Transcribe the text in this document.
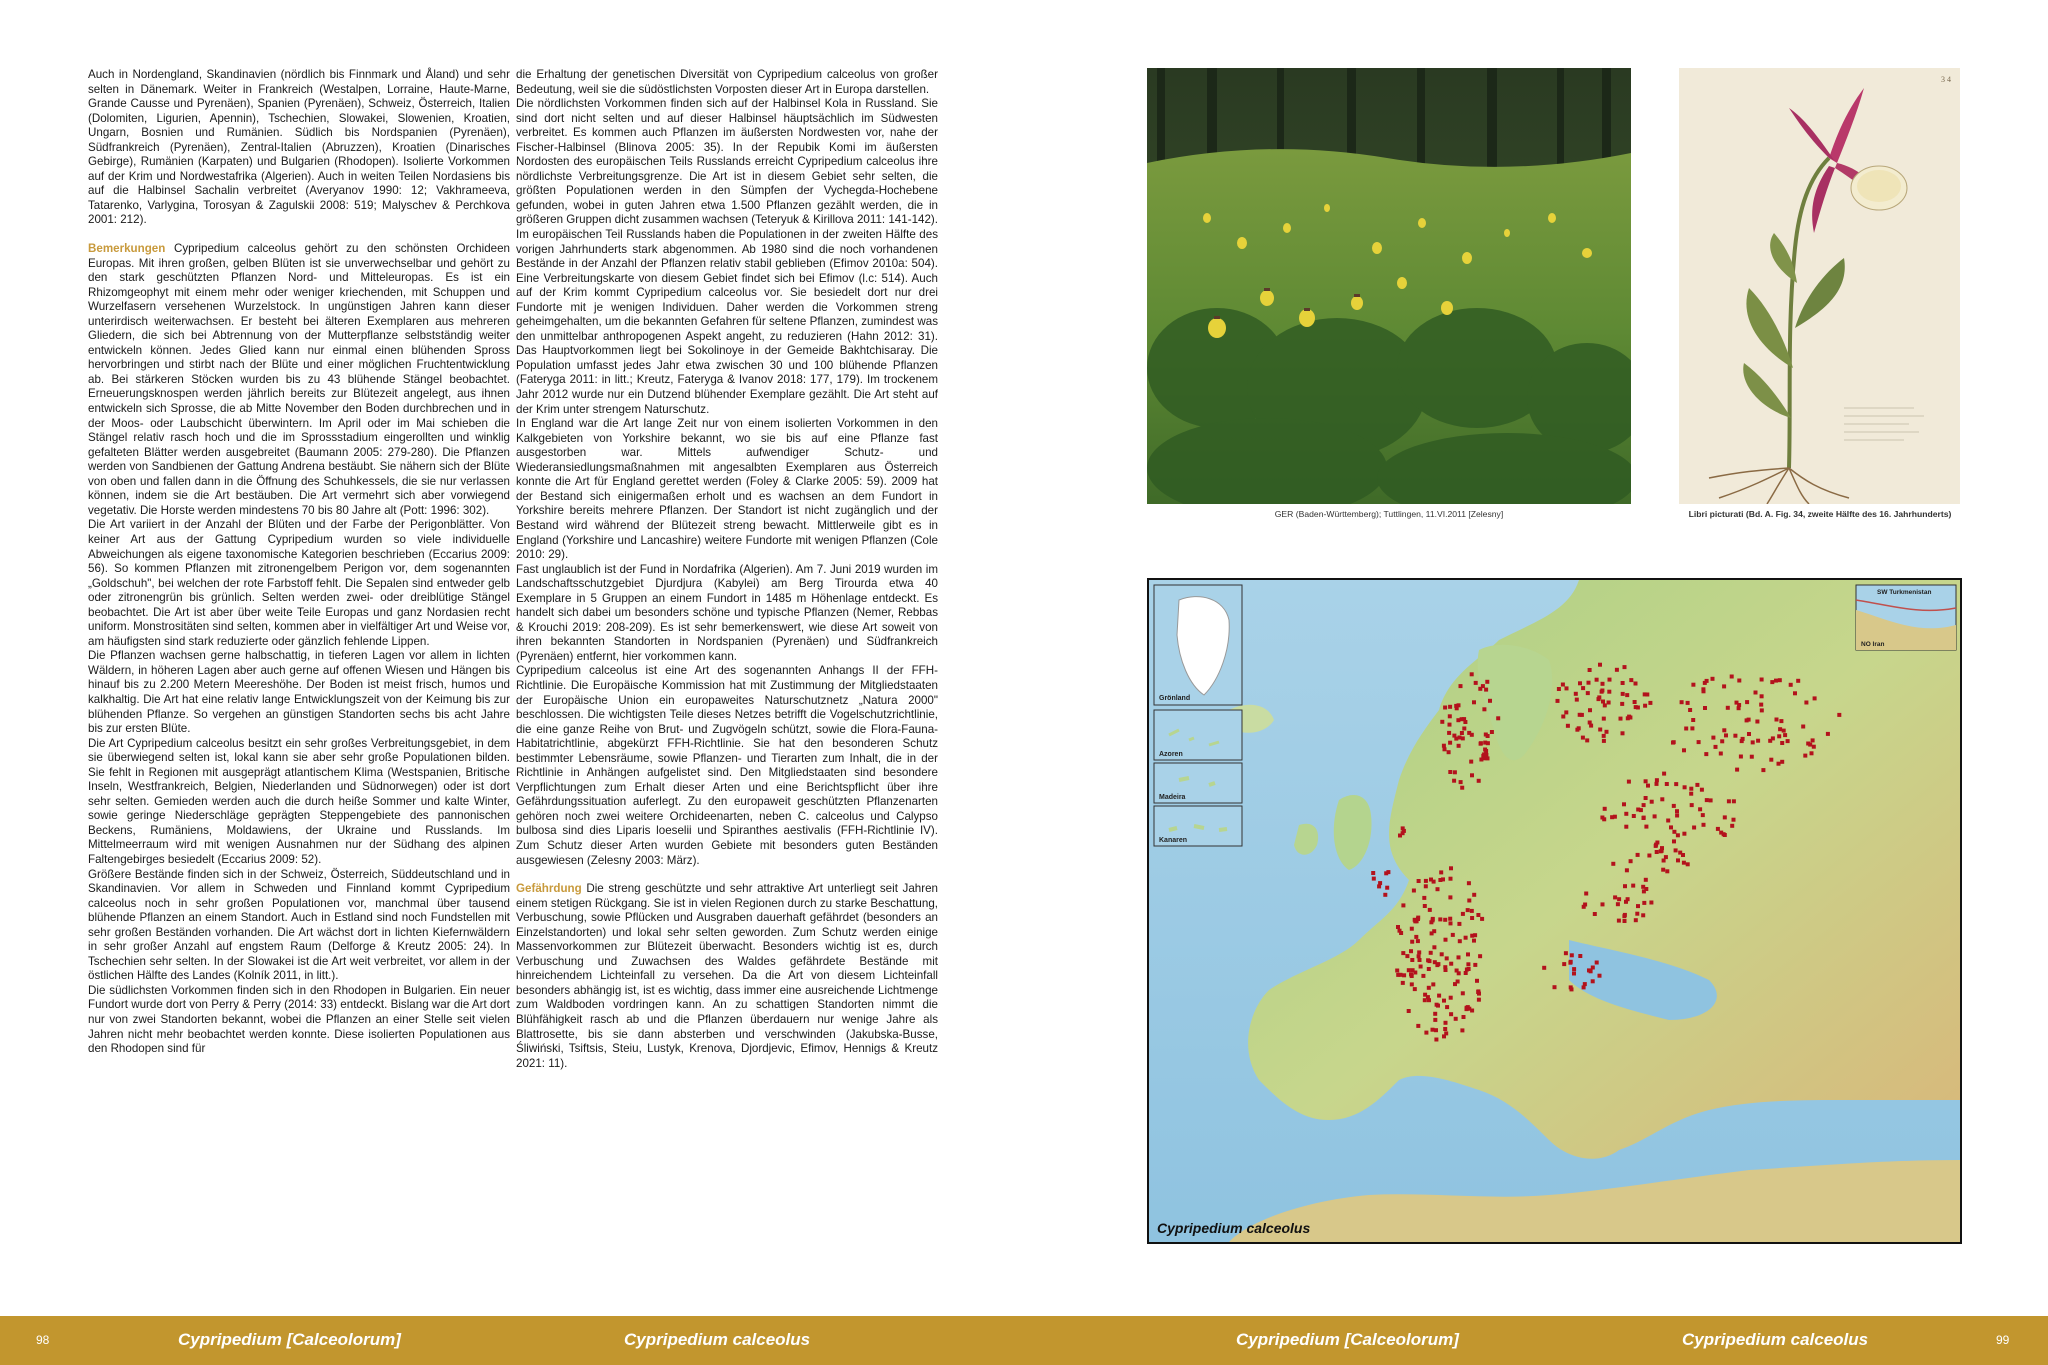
Auch in Nordengland, Skandinavien (nördlich bis Finnmark und Åland) und sehr selten in Dänemark. Weiter in Frankreich (Westalpen, Lorraine, Haute-Marne, Grande Causse und Pyrenäen), Spanien (Pyrenäen), Schweiz, Österreich, Italien (Dolomiten, Ligurien, Apennin), Tschechien, Slowakei, Slowenien, Kroatien, Ungarn, Bosnien und Rumänien. Südlich bis Nordspanien (Pyrenäen), Südfrankreich (Pyrenäen), Zentral-Italien (Abruzzen), Kroatien (Dinarisches Gebirge), Rumänien (Karpaten) und Bulgarien (Rhodopen). Isolierte Vorkommen auf der Krim und Nordwestafrika (Algerien). Auch in weiten Teilen Nordasiens bis auf die Halbinsel Sachalin verbreitet (Averyanov 1990: 12; Vakhrameeva, Tatarenko, Varlygina, Torosyan & Zagulskii 2008: 519; Malyschev & Perchkova 2001: 212).

Bemerkungen Cypripedium calceolus gehört zu den schönsten Orchideen Europas. Mit ihren großen, gelben Blüten ist sie unverwechselbar und gehört zu den stark geschützten Pflanzen Nord- und Mitteleuropas. Es ist ein Rhizomgeophyt mit einem mehr oder weniger kriechenden, mit Schuppen und Wurzelfasern versehenen Wurzelstock. In ungünstigen Jahren kann dieser unterirdisch weiterwachsen. Er besteht bei älteren Exemplaren aus mehreren Gliedern, die sich bei Abtrennung von der Mutterpflanze selbstständig weiter entwickeln können. Jedes Glied kann nur einmal einen blühenden Spross hervorbringen und stirbt nach der Blüte und einer möglichen Fruchtentwicklung ab. Bei stärkeren Stöcken wurden bis zu 43 blühende Stängel beobachtet. Erneuerungsknospen werden jährlich bereits zur Blütezeit angelegt, aus ihnen entwickeln sich Sprosse, die ab Mitte November den Boden durchbrechen und in der Moos- oder Laubschicht überwintern. Im April oder im Mai schieben die Stängel relativ rasch hoch und die im Sprossstadium eingerollten und winklig gefalteten Blätter werden ausgebreitet (Baumann 2005: 279-280). Die Pflanzen werden von Sandbienen der Gattung Andrena bestäubt. Sie nähern sich der Blüte von oben und fallen dann in die Öffnung des Schuhkessels, die sie nur verlassen können, indem sie die Art bestäuben. Die Art vermehrt sich aber vorwiegend vegetativ. Die Horste werden mindestens 70 bis 80 Jahre alt (Pott: 1996: 302).

Die Art variiert in der Anzahl der Blüten und der Farbe der Perigonblätter. Von keiner Art aus der Gattung Cypripedium wurden so viele individuelle Abweichungen als eigene taxonomische Kategorien beschrieben (Eccarius 2009: 56). So kommen Pflanzen mit zitronengelbem Perigon vor, dem sogenannten „Goldschuh", bei welchen der rote Farbstoff fehlt. Die Sepalen sind entweder gelb oder zitronengrün bis grünlich. Selten werden zwei- oder dreiblütige Stängel beobachtet. Die Art ist aber über weite Teile Europas und ganz Nordasien recht uniform. Monstrositäten sind selten, kommen aber in vielfältiger Art und Weise vor, am häufigsten sind stark reduzierte oder gänzlich fehlende Lippen.

Die Pflanzen wachsen gerne halbschattig, in tieferen Lagen vor allem in lichten Wäldern, in höheren Lagen aber auch gerne auf offenen Wiesen und Hängen bis hinauf bis zu 2.200 Metern Meereshöhe. Der Boden ist meist frisch, humos und kalkhaltig. Die Art hat eine relativ lange Entwicklungszeit von der Keimung bis zur blühenden Pflanze. So vergehen an günstigen Standorten sechs bis acht Jahre bis zur ersten Blüte.

Die Art Cypripedium calceolus besitzt ein sehr großes Verbreitungsgebiet, in dem sie überwiegend selten ist, lokal kann sie aber sehr große Populationen bilden. Sie fehlt in Regionen mit ausgeprägt atlantischem Klima (Westspanien, Britische Inseln, Westfrankreich, Belgien, Niederlanden und Südnorwegen) oder ist dort sehr selten. Gemieden werden auch die durch heiße Sommer und kalte Winter, sowie geringe Niederschläge geprägten Steppengebiete des pannonischen Beckens, Rumäniens, Moldawiens, der Ukraine und Russlands. Im Mittelmeerraum wird mit wenigen Ausnahmen nur der Südhang des alpinen Faltengebirges besiedelt (Eccarius 2009: 52).

Größere Bestände finden sich in der Schweiz, Österreich, Süddeutschland und in Skandinavien. Vor allem in Schweden und Finnland kommt Cypripedium calceolus noch in sehr großen Populationen vor, manchmal über tausend blühende Pflanzen an einem Standort. Auch in Estland sind noch Fundstellen mit sehr großen Beständen vorhanden. Die Art wächst dort in lichten Kiefernwäldern in sehr großer Anzahl auf engstem Raum (Delforge & Kreutz 2005: 24). In Tschechien sehr selten. In der Slowakei ist die Art weit verbreitet, vor allem in der östlichen Hälfte des Landes (Kolník 2011, in litt.).

Die südlichsten Vorkommen finden sich in den Rhodopen in Bulgarien. Ein neuer Fundort wurde dort von Perry & Perry (2014: 33) entdeckt. Bislang war die Art dort nur von zwei Standorten bekannt, wobei die Pflanzen an einer Stelle seit vielen Jahren nicht mehr beobachtet werden konnte. Diese isolierten Populationen aus den Rhodopen sind für

die Erhaltung der genetischen Diversität von Cypripedium calceolus von großer Bedeutung, weil sie die südöstlichsten Vorposten dieser Art in Europa darstellen.

Die nördlichsten Vorkommen finden sich auf der Halbinsel Kola in Russland. Sie sind dort nicht selten und auf dieser Halbinsel häuptsächlich im Südwesten verbreitet. Es kommen auch Pflanzen im äußersten Nordwesten vor, nahe der Fischer-Halbinsel (Blinova 2005: 35). In der Repubik Komi im äußersten Nordosten des europäischen Teils Russlands erreicht Cypripedium calceolus ihre nördlichste Verbreitungsgrenze. Die Art ist in diesem Gebiet sehr selten, die größten Populationen werden in den Sümpfen der Vychegda-Hochebene gefunden, wobei in guten Jahren etwa 1.500 Pflanzen gezählt werden, die in größeren Gruppen dicht zusammen wachsen (Teteryuk & Kirillova 2011: 141-142). Im europäischen Teil Russlands haben die Populationen in der zweiten Hälfte des vorigen Jahrhunderts stark abgenommen. Ab 1980 sind die noch vorhandenen Bestände in der Anzahl der Pflanzen relativ stabil geblieben (Efimov 2010a: 504). Eine Verbreitungskarte von diesem Gebiet findet sich bei Efimov (l.c: 514). Auch auf der Krim kommt Cypripedium calceolus vor. Sie besiedelt dort nur drei Fundorte mit je wenigen Individuen. Daher werden die Vorkommen streng geheimgehalten, um die bekannten Gefahren für seltene Pflanzen, zumindest was den unmittelbar anthropogenen Aspekt angeht, zu reduzieren (Hahn 2012: 31). Das Hauptvorkommen liegt bei Sokolinoye in der Gemeide Bakhtchisaray. Die Population umfasst jedes Jahr etwa zwischen 30 und 100 blühende Pflanzen (Fateryga 2011: in litt.; Kreutz, Fateryga & Ivanov 2018: 177, 179). Im trockenem Jahr 2012 wurde nur ein Dutzend blühender Exemplare gezählt. Die Art steht auf der Krim unter strengem Naturschutz.

In England war die Art lange Zeit nur von einem isolierten Vorkommen in den Kalkgebieten von Yorkshire bekannt, wo sie bis auf eine Pflanze fast ausgestorben war. Mittels aufwendiger Schutz- und Wiederansiedlungsmaßnahmen mit angesalbten Exemplaren aus Österreich konnte die Art für England gerettet werden (Foley & Clarke 2005: 59). 2009 hat der Bestand sich einigermaßen erholt und es wachsen an dem Fundort in Yorkshire bereits mehrere Pflanzen. Der Standort ist nicht zugänglich und der Bestand wird während der Blütezeit streng bewacht. Mittlerweile gibt es in England (Yorkshire und Lancashire) weitere Fundorte mit wenigen Pflanzen (Cole 2010: 29).

Fast unglaublich ist der Fund in Nordafrika (Algerien). Am 7. Juni 2019 wurden im Landschaftsschutzgebiet Djurdjura (Kabylei) am Berg Tirourda etwa 40 Exemplare in 5 Gruppen an einem Fundort in 1485 m Höhenlage entdeckt. Es handelt sich dabei um besonders schöne und typische Pflanzen (Nemer, Rebbas & Krouchi 2019: 208-209). Es ist sehr bemerkenswert, wie diese Art soweit von ihren bekannten Standorten in Nordspanien (Pyrenäen) und Südfrankreich (Pyrenäen) entfernt, hier vorkommen kann.

Cypripedium calceolus ist eine Art des sogenannten Anhangs II der FFH-Richtlinie. Die Europäische Kommission hat mit Zustimmung der Mitgliedstaaten der Europäische Union ein europaweites Naturschutznetz „Natura 2000" beschlossen. Die wichtigsten Teile dieses Netzes betrifft die Vogelschutzrichtlinie, die eine ganze Reihe von Brut- und Zugvögeln schützt, sowie die Flora-Fauna-Habitatrichtlinie, abgekürzt FFH-Richtlinie. Sie hat den besonderen Schutz bestimmter Lebensräume, sowie Pflanzen- und Tierarten zum Inhalt, die in der Richtlinie in Anhängen aufgelistet sind. Den Mitgliedstaaten sind besondere Verpflichtungen zum Erhalt dieser Arten und eine Berichtspflicht über ihre Gefährdungssituation auferlegt. Zu den europaweit geschützten Pflanzenarten gehören noch zwei weitere Orchideenarten, neben C. calceolus und Calypso bulbosa sind dies Liparis loeselii und Spiranthes aestivalis (FFH-Richtlinie IV). Zum Schutz dieser Arten wurden Gebiete mit besonders guten Beständen ausgewiesen (Zelesny 2003: März).

Gefährdung Die streng geschützte und sehr attraktive Art unterliegt seit Jahren einem stetigen Rückgang. Sie ist in vielen Regionen durch zu starke Beschattung, Verbuschung, sowie Pflücken und Ausgraben dauerhaft gefährdet (besonders an Einzelstandorten) und lokal sehr selten geworden. Zum Schutz werden einige Massenvorkommen zur Blütezeit überwacht. Besonders wichtig ist es, durch Verbuschung und Zuwachsen des Waldes gefährdete Bestände mit hinreichendem Lichteinfall zu versehen. Da die Art von diesem Lichteinfall besonders abhängig ist, ist es wichtig, dass immer eine ausreichende Lichtmenge zum Waldboden vordringen kann. An zu schattigen Standorten nimmt die Blühfähigkeit rasch ab und die Pflanzen überdauern nur wenige Jahre als Blattrosette, bis sie dann absterben und verschwinden (Jakubska-Busse, Śliwiński, Tsiftsis, Steiu, Lustyk, Krenova, Djordjevic, Efimov, Hennigs & Kreutz 2021: 11).

3 4
GER (Baden-Württemberg); Tuttlingen, 11.VI.2011 [Zelesny]	Libri picturati (Bd. A. Fig. 34, zweite Hälfte des 16. Jahrhunderts)
Grönland
Azoren
Madeira
Kanaren
SW Turkmenistan
NO Iran
Cypripedium calceolus
98	Cypripedium [Calceolorum]	Cypripedium calceolus	Cypripedium [Calceolorum]	Cypripedium calceolus	99
